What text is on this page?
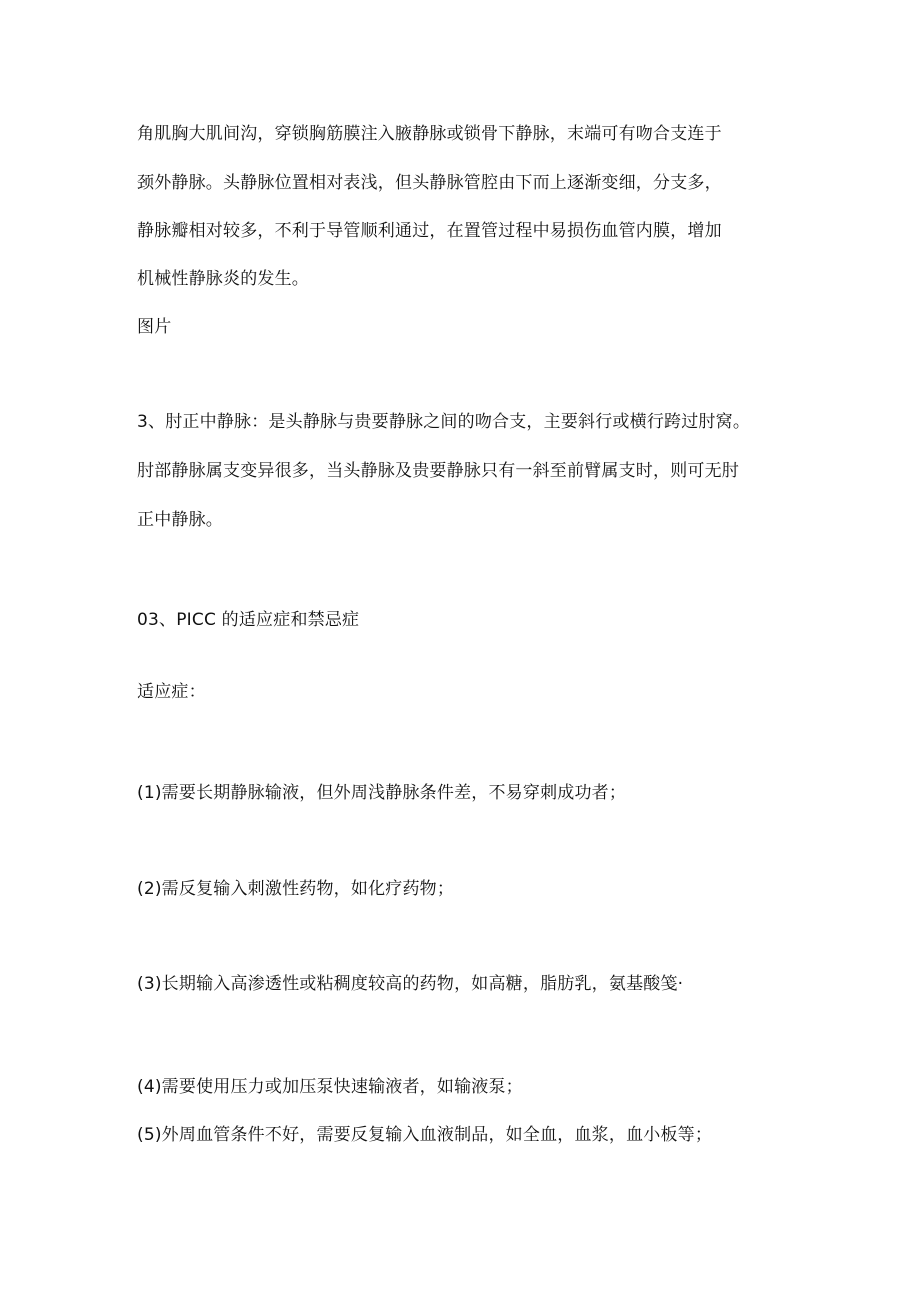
角肌胸大肌间沟，穿锁胸筋膜注入腋静脉或锁骨下静脉，末端可有吻合支连于
颈外静脉。头静脉位置相对表浅，但头静脉管腔由下而上逐渐变细，分支多，
静脉瓣相对较多，不利于导管顺利通过，在置管过程中易损伤血管内膜，增加
机械性静脉炎的发生。
图片
3、肘正中静脉：是头静脉与贵要静脉之间的吻合支，主要斜行或横行跨过肘窝。
肘部静脉属支变异很多，当头静脉及贵要静脉只有一斜至前臂属支时，则可无肘
正中静脉。
03、PICC 的适应症和禁忌症
适应症：
(1)需要长期静脉输液，但外周浅静脉条件差，不易穿刺成功者；
(2)需反复输入刺激性药物，如化疗药物；
(3)长期输入高渗透性或粘稠度较高的药物，如高糖，脂肪乳，氨基酸笺·
(4)需要使用压力或加压泵快速输液者，如输液泵；
(5)外周血管条件不好，需要反复输入血液制品，如全血，血浆，血小板等；
